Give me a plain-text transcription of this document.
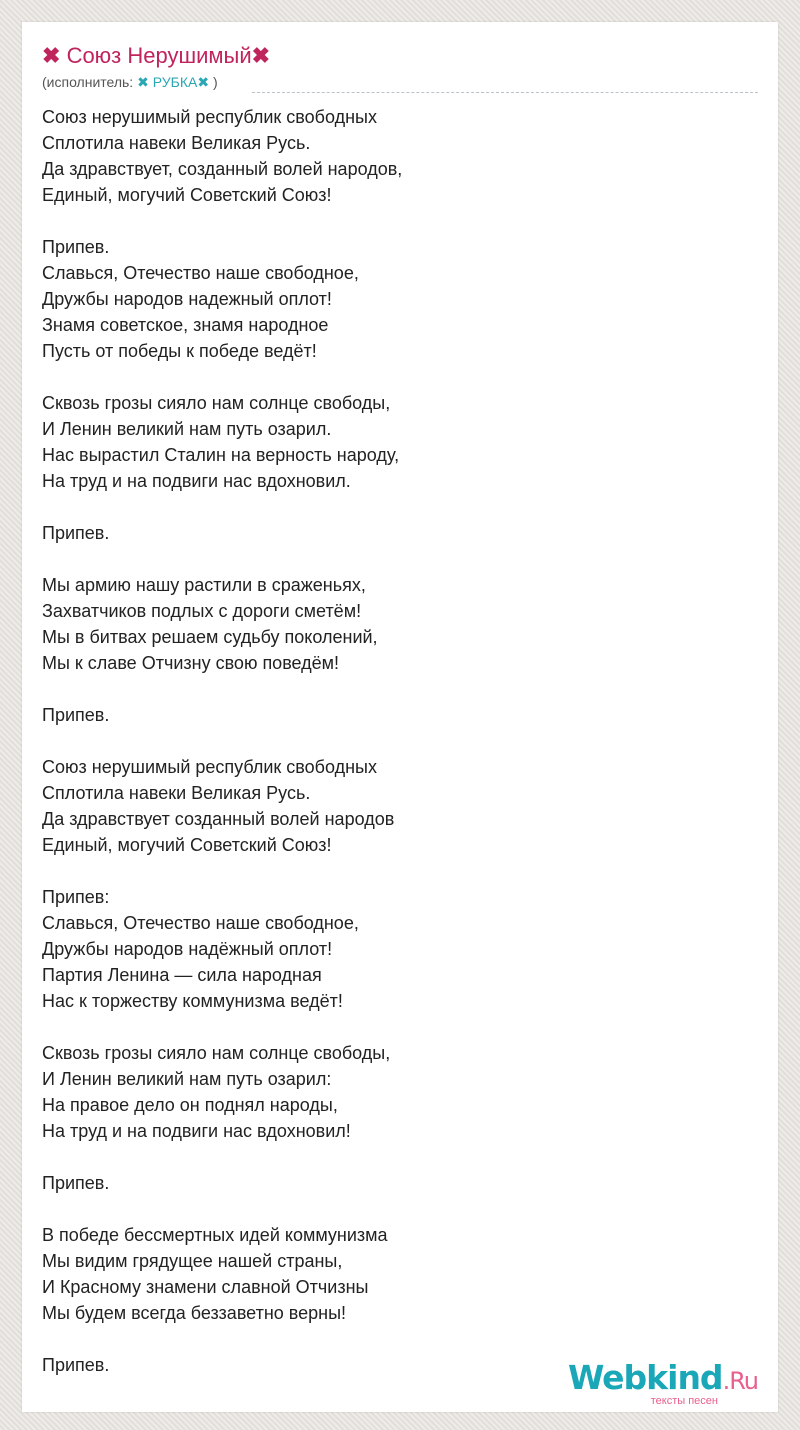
✖ Союз Нерушимый✖
(исполнитель: ✖ РУБКА✖ )
Союз нерушимый республик свободных
Сплотила навеки Великая Русь.
Да здравствует, созданный волей народов,
Единый, могучий Советский Союз!
Припев.
Славься, Отечество наше свободное,
Дружбы народов надежный оплот!
Знамя советское, знамя народное
Пусть от победы к победе ведёт!
Сквозь грозы сияло нам солнце свободы,
И Ленин великий нам путь озарил.
Нас вырастил Сталин на верность народу,
На труд и на подвиги нас вдохновил.
Припев.
Мы армию нашу растили в сраженьях,
Захватчиков подлых с дороги сметём!
Мы в битвах решаем судьбу поколений,
Мы к славе Отчизну свою поведём!
Припев.
Союз нерушимый республик свободных
Сплотила навеки Великая Русь.
Да здравствует созданный волей народов
Единый, могучий Советский Союз!
Припев:
Славься, Отечество наше свободное,
Дружбы народов надёжный оплот!
Партия Ленина — сила народная
Нас к торжеству коммунизма ведёт!
Сквозь грозы сияло нам солнце свободы,
И Ленин великий нам путь озарил:
На правое дело он поднял народы,
На труд и на подвиги нас вдохновил!
Припев.
В победе бессмертных идей коммунизма
Мы видим грядущее нашей страны,
И Красному знамени славной Отчизны
Мы будем всегда беззаветно верны!
Припев.	Webkind.Ru
тексты песен
